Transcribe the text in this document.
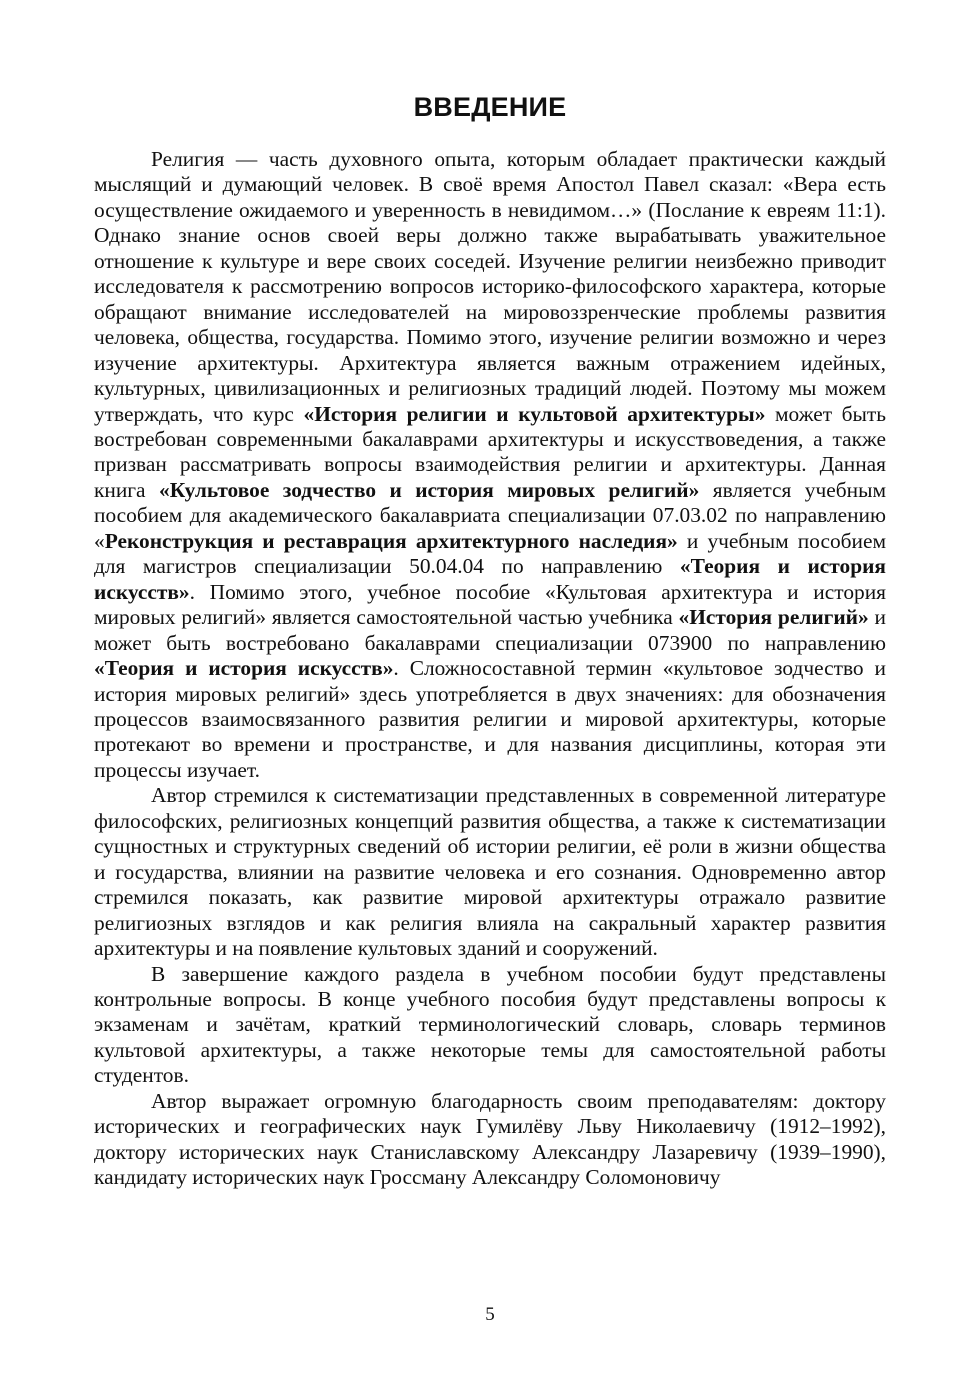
ВВЕДЕНИЕ

Религия — часть духовного опыта, которым обладает практически каждый мыслящий и думающий человек. В своё время Апостол Павел сказал: «Вера есть осуществление ожидаемого и уверенность в невидимом…» (Послание к евреям 11:1). Однако знание основ своей веры должно также вырабатывать уважительное отношение к культуре и вере своих соседей. Изучение религии неизбежно приводит исследователя к рассмотрению вопросов историко-философского характера, которые обращают внимание исследователей на мировоззренческие проблемы развития человека, общества, государства. Помимо этого, изучение религии возможно и через изучение архитектуры. Архитектура является важным отражением идейных, культурных, цивилизационных и религиозных традиций людей. Поэтому мы можем утверждать, что курс «История религии и культовой архитектуры» может быть востребован современными бакалаврами архитектуры и искусствоведения, а также призван рассматривать вопросы взаимодействия религии и архитектуры. Данная книга «Культовое зодчество и история мировых религий» является учебным пособием для академического бакалавриата специализации 07.03.02 по направлению «Реконструкция и реставрация архитектурного наследия» и учебным пособием для магистров специализации 50.04.04 по направлению «Теория и история искусств». Помимо этого, учебное пособие «Культовая архитектура и история мировых религий» является самостоятельной частью учебника «История религий» и может быть востребовано бакалаврами специализации 073900 по направлению «Теория и история искусств». Сложносоставной термин «культовое зодчество и история мировых религий» здесь употребляется в двух значениях: для обозначения процессов взаимосвязанного развития религии и мировой архитектуры, которые протекают во времени и пространстве, и для названия дисциплины, которая эти процессы изучает.

Автор стремился к систематизации представленных в современной литературе философских, религиозных концепций развития общества, а также к систематизации сущностных и структурных сведений об истории религии, её роли в жизни общества и государства, влиянии на развитие человека и его сознания. Одновременно автор стремился показать, как развитие мировой архитектуры отражало развитие религиозных взглядов и как религия влияла на сакральный характер развития архитектуры и на появление культовых зданий и сооружений.

В завершение каждого раздела в учебном пособии будут представлены контрольные вопросы. В конце учебного пособия будут представлены вопросы к экзаменам и зачётам, краткий терминологический словарь, словарь терминов культовой архитектуры, а также некоторые темы для самостоятельной работы студентов.

Автор выражает огромную благодарность своим преподавателям: доктору исторических и географических наук Гумилёву Льву Николаевичу (1912–1992), доктору исторических наук Станиславскому Александру Лазаревичу (1939–1990), кандидату исторических наук Гроссману Александру Соломоновичу

5
